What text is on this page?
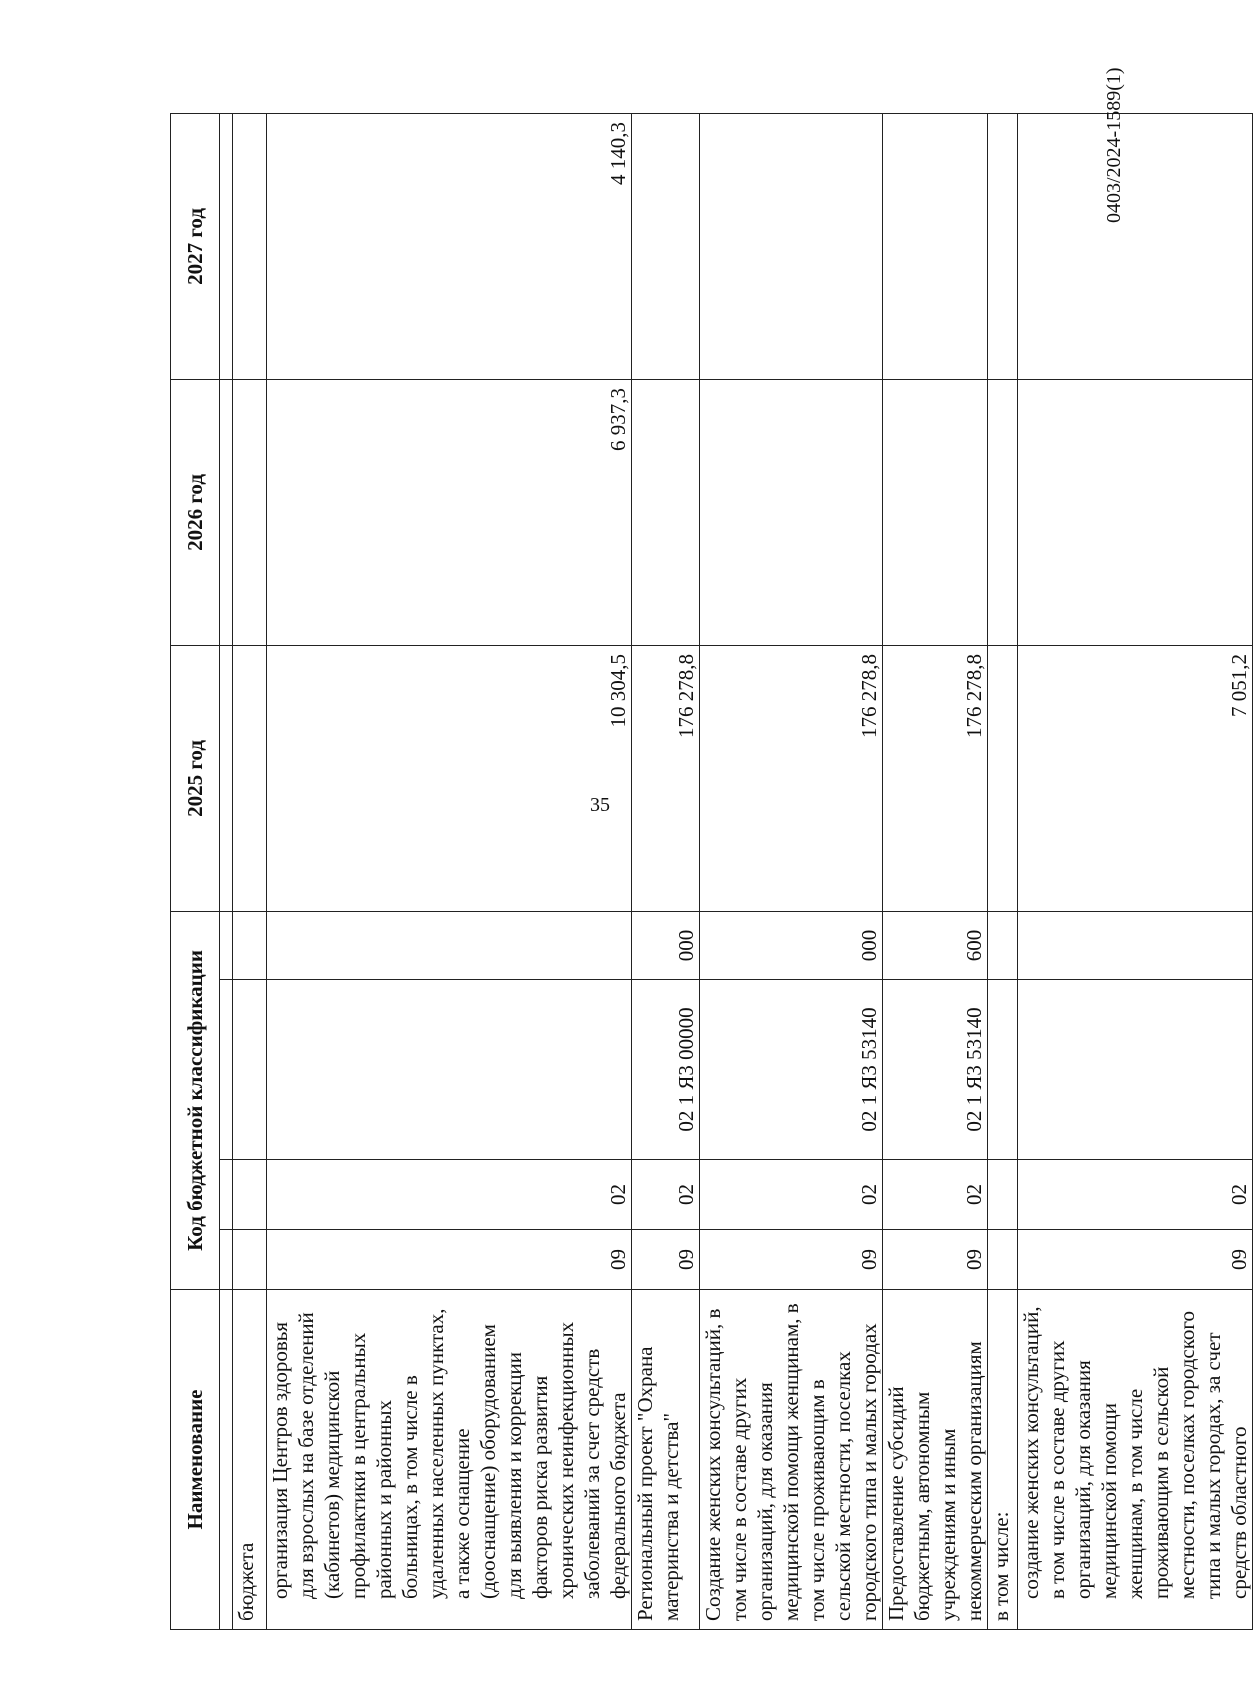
35
Наименование	Код бюджетной классификации				2025 год	2026 год	2027 год

бюджета							
организация Центров здоровья для взрослых на базе отделений (кабинетов) медицинской профилактики в центральных районных и районных больницах, в том числе в удаленных населенных пунктах, а также оснащение (дооснащение) оборудованием для выявления и коррекции факторов риска развития хронических неинфекционных заболеваний за счет средств федерального бюджета	09	02			10 304,5	6 937,3	4 140,3
Региональный проект "Охрана материнства и детства"	09	02	02 1 Я3 00000	000	176 278,8		
Создание женских консультаций, в том числе в составе других организаций, для оказания медицинской помощи женщинам, в том числе проживающим в сельской местности, поселках городского типа и малых городах	09	02	02 1 Я3 53140	000	176 278,8		
Предоставление субсидий бюджетным, автономным учреждениям и иным некоммерческим организациям	09	02	02 1 Я3 53140	600	176 278,8		
в том числе:							
создание женских консультаций, в том числе в составе других организаций, для оказания медицинской помощи женщинам, в том числе проживающим в сельской местности, поселках городского типа и малых городах, за счет средств областного	09	02			7 051,2		
0403/2024-1589(1)
